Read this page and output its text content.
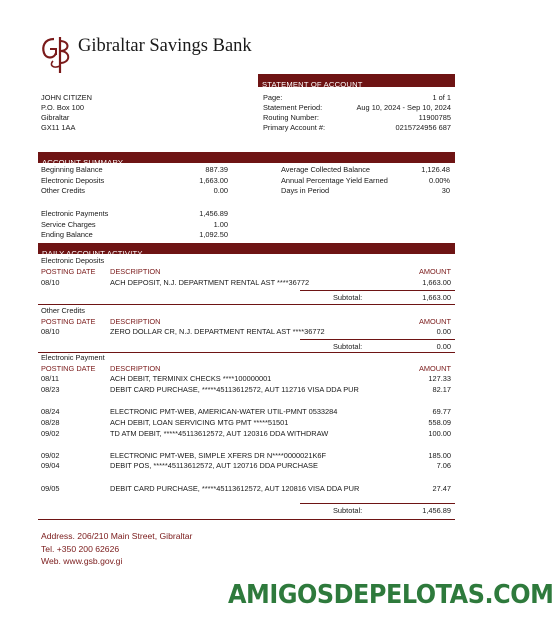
Gibraltar Savings Bank
STATEMENT OF ACCOUNT
JOHN CITIZEN
P.O. Box 100
Gibraltar
GX11 1AA
Page:	1 of 1
Statement Period:	Aug 10, 2024 - Sep 10, 2024
Routing Number:	11900785
Primary Account #:	0215724956 687
ACCOUNT SUMMARY
Beginning Balance	887.39
Electronic Deposits	1,663.00
Other Credits	0.00
Electronic Payments	1,456.89
Service Charges	1.00
Ending Balance	1,092.50
Average Collected Balance	1,126.48
Annual Percentage Yield Earned	0.00%
Days in Period	30
DAILY ACCOUNT ACTIVITY
Electronic Deposits
POSTING DATE DESCRIPTION	AMOUNT
08/10	ACH DEPOSIT, N.J. DEPARTMENT RENTAL AST ****36772	1,663.00
Subtotal:	1,663.00
Other Credits
POSTING DATE DESCRIPTION	AMOUNT
08/10	ZERO DOLLAR CR, N.J. DEPARTMENT RENTAL AST ****36772	0.00
Subtotal:	0.00
Electronic Payment
POSTING DATE DESCRIPTION	AMOUNT
08/11	ACH DEBIT, TERMINIX CHECKS ****100000001	127.33
08/23	DEBIT CARD PURCHASE, *****45113612572, AUT 112716 VISA DDA PUR	82.17
08/24	ELECTRONIC PMT-WEB, AMERICAN-WATER UTIL-PMNT 0533284	69.77
08/28	ACH DEBIT, LOAN SERVICING MTG PMT *****51501	558.09
09/02	TD ATM DEBIT, *****45113612572, AUT 120316 DDA WITHDRAW	100.00
09/02	ELECTRONIC PMT-WEB, SIMPLE XFERS DR N****0000021K6F	185.00
09/04	DEBIT POS, *****45113612572, AUT 120716 DDA PURCHASE	7.06
09/05	DEBIT CARD PURCHASE, *****45113612572, AUT 120816 VISA DDA PUR	27.47
Subtotal:	1,456.89
Address. 206/210 Main Street, Gibraltar
Tel. +350 200 62626
Web. www.gsb.gov.gi
AMIGOSDEPELOTAS.COM
